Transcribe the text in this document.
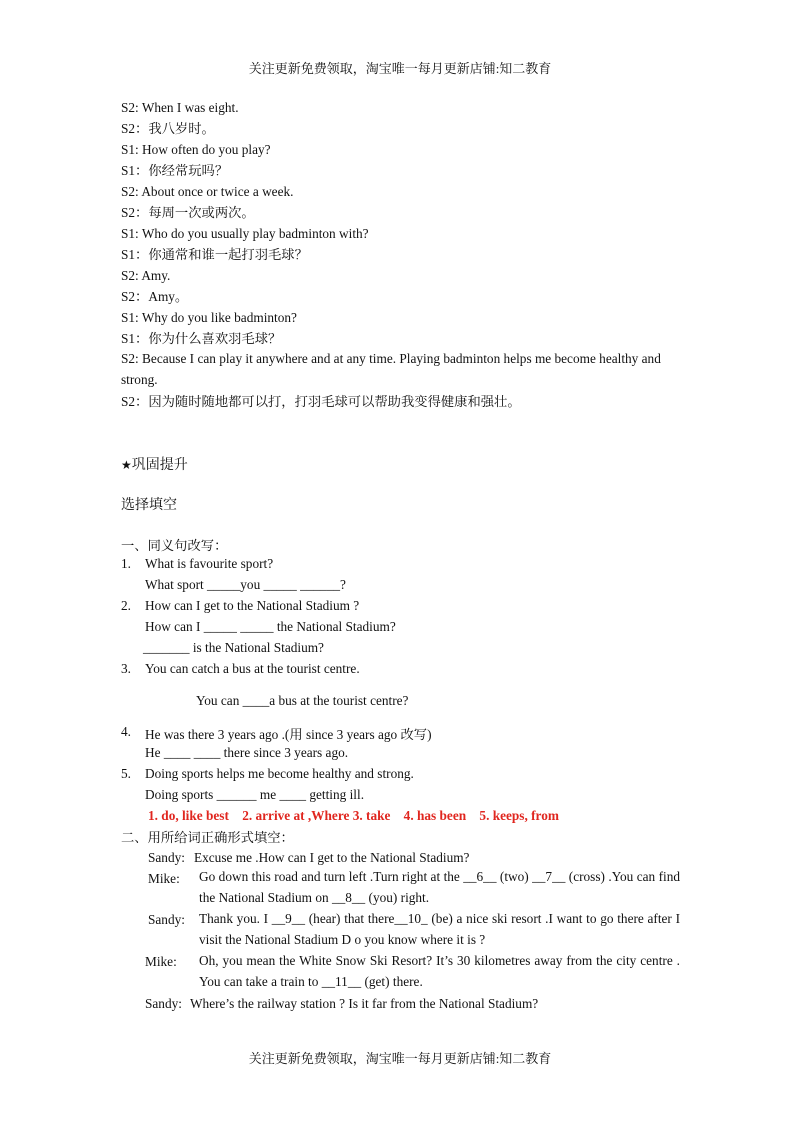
关注更新免费领取，淘宝唯一每月更新店铺:知二教育
S2: When I was eight.
S2：我八岁时。
S1: How often do you play?
S1：你经常玩吗？
S2: About once or twice a week.
S2：每周一次或两次。
S1: Who do you usually play badminton with?
S1：你通常和谁一起打羽毛球？
S2: Amy.
S2：Amy。
S1: Why do you like badminton?
S1：你为什么喜欢羽毛球？
S2: Because I can play it anywhere and at any time. Playing badminton helps me become healthy and strong.
S2：因为随时随地都可以打，打羽毛球可以帮助我变得健康和强壮。
★巩固提升
选择填空
一、同义句改写：
1. What is favourite sport?
What sport _____you _____ ______?
2. How can I get to the National Stadium ?
How can I _____ _____ the National Stadium?
_______ is the National Stadium?
3. You can catch a bus at the tourist centre.
You can ____a bus at the tourist centre?
4. He was there 3 years ago .(用 since 3 years ago 改写)
He ____ ____ there since 3 years ago.
5. Doing sports helps me become healthy and strong.
Doing sports ______ me ____ getting ill.
1. do, like best    2. arrive at ,Where 3. take    4. has been    5. keeps, from
二、用所给词正确形式填空：
Sandy: Excuse me .How can I get to the National Stadium?
Mike: Go down this road and turn left .Turn right at the __6__ (two) __7__ (cross) .You can find the National Stadium on __8__ (you) right.
Sandy: Thank you. I __9__ (hear) that there__10_ (be) a nice ski resort .I want to go there after I visit the National Stadium D o you know where it is ?
Mike: Oh, you mean the White Snow Ski Resort? It’s 30 kilometres away from the city centre . You can take a train to __11__ (get) there.
Sandy: Where’s the railway station ? Is it far from the National Stadium?
关注更新免费领取，淘宝唯一每月更新店铺:知二教育
